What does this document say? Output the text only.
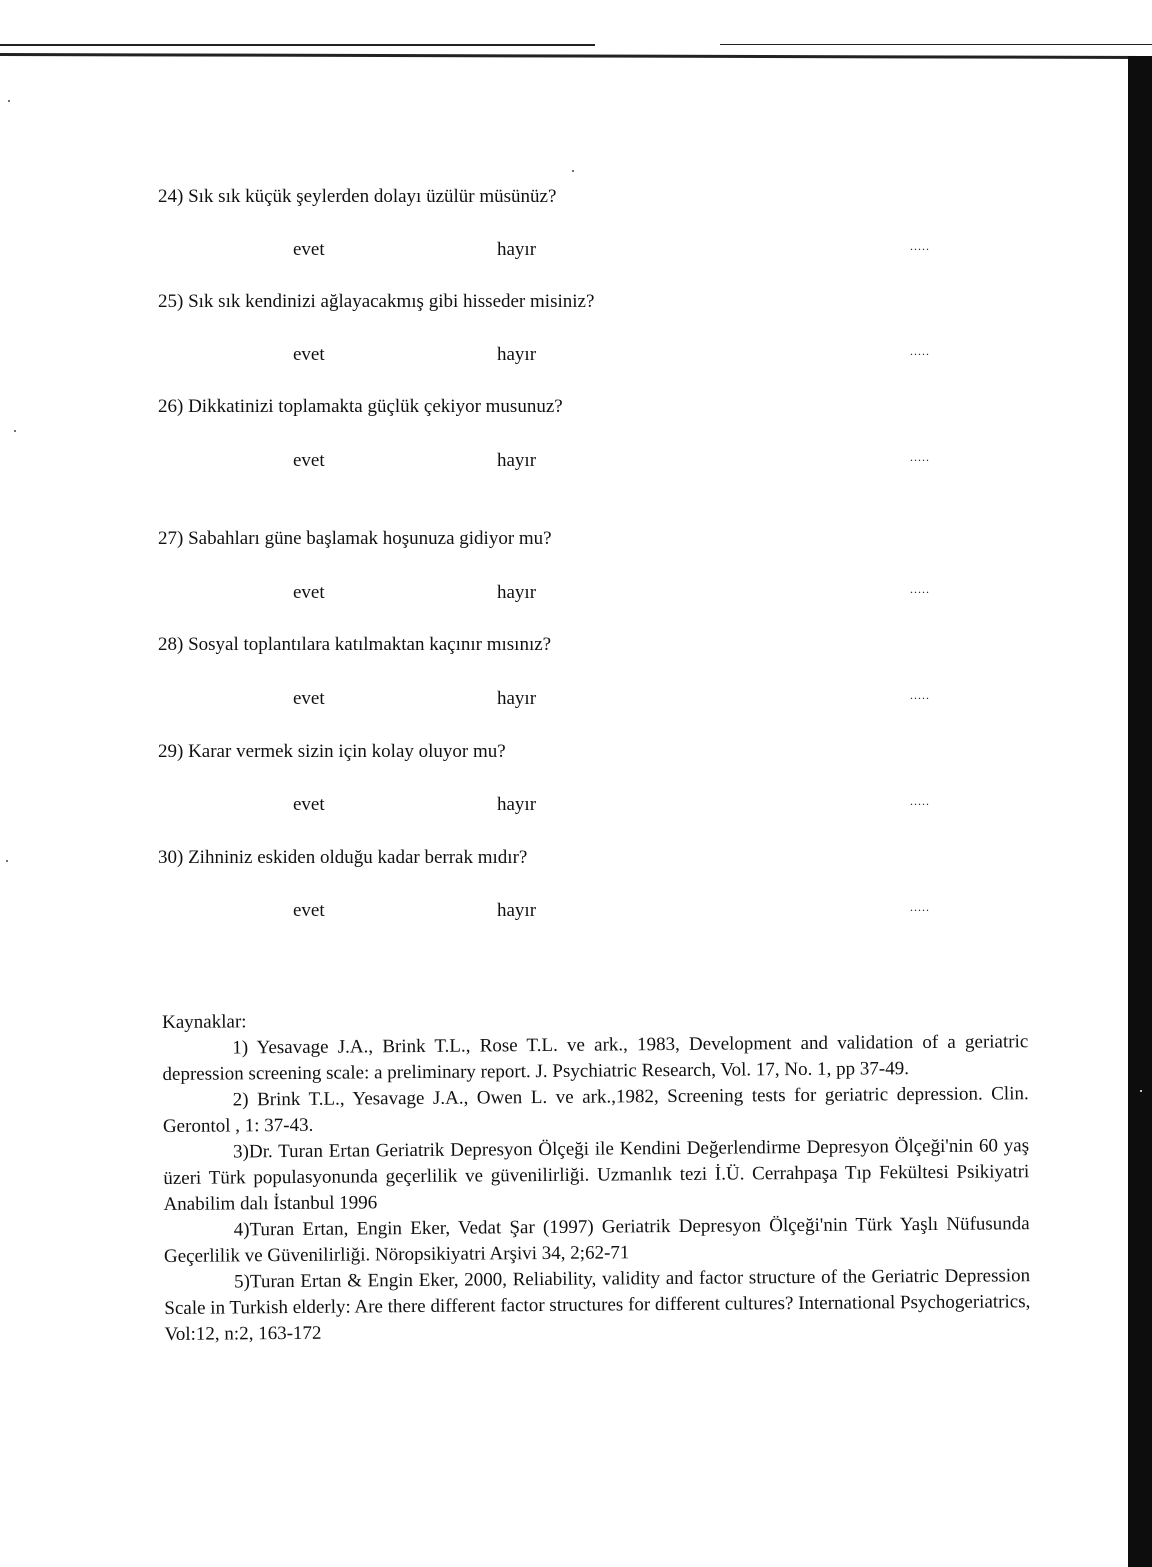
24) Sık sık küçük şeylerden dolayı üzülür müsünüz?
evet	hayır	.....
25) Sık sık kendinizi ağlayacakmış gibi hisseder misiniz?
evet	hayır	.....
26) Dikkatinizi toplamakta güçlük çekiyor musunuz?
evet	hayır	.....
27) Sabahları güne başlamak hoşunuza gidiyor mu?
evet	hayır	.....
28) Sosyal toplantılara katılmaktan kaçınır mısınız?
evet	hayır	.....
29) Karar vermek sizin için kolay oluyor mu?
evet	hayır	.....
30) Zihniniz eskiden olduğu kadar berrak mıdır?
evet	hayır	.....
Kaynaklar:

1) Yesavage J.A., Brink T.L., Rose T.L. ve ark., 1983, Development and validation of a geriatric depression screening scale: a preliminary report. J. Psychiatric Research, Vol. 17, No. 1, pp 37-49.

2) Brink T.L., Yesavage J.A., Owen L. ve ark.,1982, Screening tests for geriatric depression. Clin. Gerontol , 1: 37-43.

3)Dr. Turan Ertan Geriatrik Depresyon Ölçeği ile Kendini Değerlendirme Depresyon Ölçeği'nin 60 yaş üzeri Türk populasyonunda geçerlilik ve güvenilirliği. Uzmanlık tezi İ.Ü. Cerrahpaşa Tıp Fekültesi Psikiyatri Anabilim dalı İstanbul 1996

4)Turan Ertan, Engin Eker, Vedat Şar (1997) Geriatrik Depresyon Ölçeği'nin Türk Yaşlı Nüfusunda Geçerlilik ve Güvenilirliği. Nöropsikiyatri Arşivi 34, 2;62-71

5)Turan Ertan & Engin Eker, 2000, Reliability, validity and factor structure of the Geriatric Depression Scale in Turkish elderly: Are there different factor structures for different cultures? International Psychogeriatrics, Vol:12, n:2, 163-172
